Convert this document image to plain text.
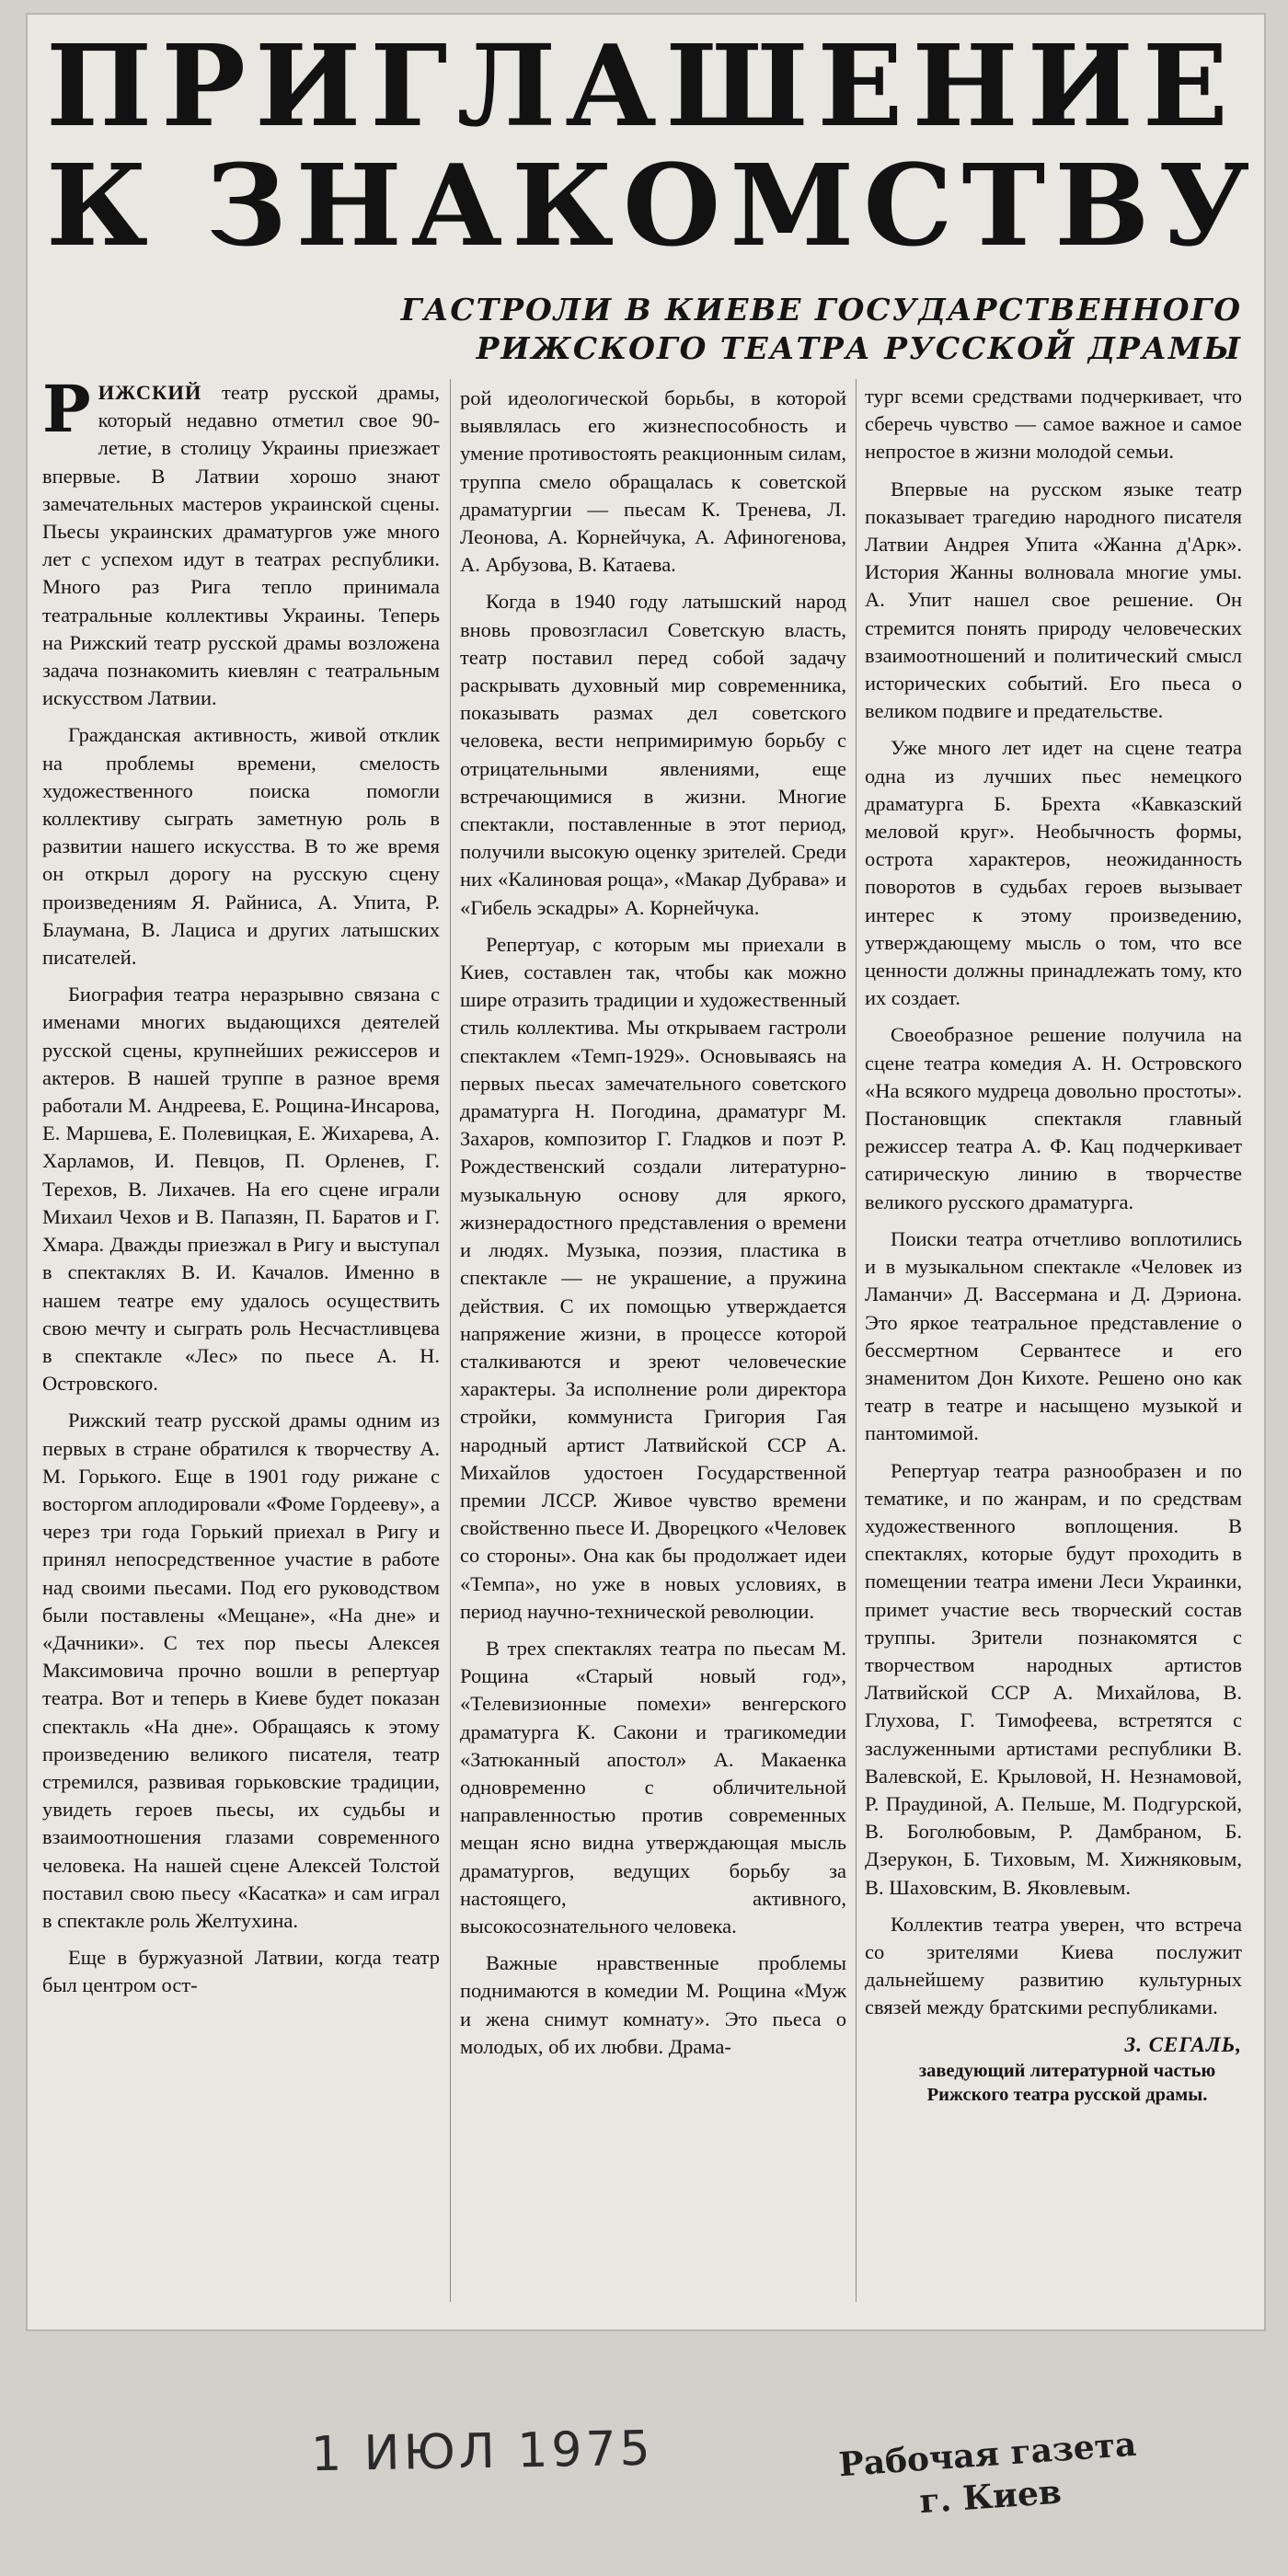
ПРИГЛАШЕНИЕ
К ЗНАКОМСТВУ
ГАСТРОЛИ В КИЕВЕ ГОСУДАРСТВЕННОГО
РИЖСКОГО ТЕАТРА РУССКОЙ ДРАМЫ

РИЖСКИЙ театр русской драмы, который недавно отметил свое 90-летие, в столицу Украины приезжает впервые. В Латвии хорошо знают замечательных мастеров украинской сцены. Пьесы украинских драматургов уже много лет с успехом идут в театрах республики. Много раз Рига тепло принимала театральные коллективы Украины. Теперь на Рижский театр русской драмы возложена задача познакомить киевлян с театральным искусством Латвии.

Гражданская активность, живой отклик на проблемы времени, смелость художественного поиска помогли коллективу сыграть заметную роль в развитии нашего искусства. В то же время он открыл дорогу на русскую сцену произведениям Я. Райниса, А. Упита, Р. Блаумана, В. Лациса и других латышских писателей.

Биография театра неразрывно связана с именами многих выдающихся деятелей русской сцены, крупнейших режиссеров и актеров. В нашей труппе в разное время работали М. Андреева, Е. Рощина-Инсарова, Е. Маршева, Е. Полевицкая, Е. Жихарева, А. Харламов, И. Певцов, П. Орленев, Г. Терехов, В. Лихачев. На его сцене играли Михаил Чехов и В. Папазян, П. Баратов и Г. Хмара. Дважды приезжал в Ригу и выступал в спектаклях В. И. Качалов. Именно в нашем театре ему удалось осуществить свою мечту и сыграть роль Несчастливцева в спектакле «Лес» по пьесе А. Н. Островского.

Рижский театр русской драмы одним из первых в стране обратился к творчеству А. М. Горького. Еще в 1901 году рижане с восторгом аплодировали «Фоме Гордееву», а через три года Горький приехал в Ригу и принял непосредственное участие в работе над своими пьесами. Под его руководством были поставлены «Мещане», «На дне» и «Дачники». С тех пор пьесы Алексея Максимовича прочно вошли в репертуар театра. Вот и теперь в Киеве будет показан спектакль «На дне». Обращаясь к этому произведению великого писателя, театр стремился, развивая горьковские традиции, увидеть героев пьесы, их судьбы и взаимоотношения глазами современного человека. На нашей сцене Алексей Толстой поставил свою пьесу «Касатка» и сам играл в спектакле роль Желтухина.

Еще в буржуазной Латвии, когда театр был центром ост-

рой идеологической борьбы, в которой выявлялась его жизнеспособность и умение противостоять реакционным силам, труппа смело обращалась к советской драматургии — пьесам К. Тренева, Л. Леонова, А. Корнейчука, А. Афиногенова, А. Арбузова, В. Катаева.

Когда в 1940 году латышский народ вновь провозгласил Советскую власть, театр поставил перед собой задачу раскрывать духовный мир современника, показывать размах дел советского человека, вести непримиримую борьбу с отрицательными явлениями, еще встречающимися в жизни. Многие спектакли, поставленные в этот период, получили высокую оценку зрителей. Среди них «Калиновая роща», «Макар Дубрава» и «Гибель эскадры» А. Корнейчука.

Репертуар, с которым мы приехали в Киев, составлен так, чтобы как можно шире отразить традиции и художественный стиль коллектива. Мы открываем гастроли спектаклем «Темп-1929». Основываясь на первых пьесах замечательного советского драматурга Н. Погодина, драматург М. Захаров, композитор Г. Гладков и поэт Р. Рождественский создали литературно-музыкальную основу для яркого, жизнерадостного представления о времени и людях. Музыка, поэзия, пластика в спектакле — не украшение, а пружина действия. С их помощью утверждается напряжение жизни, в процессе которой сталкиваются и зреют человеческие характеры. За исполнение роли директора стройки, коммуниста Григория Гая народный артист Латвийской ССР А. Михайлов удостоен Государственной премии ЛССР. Живое чувство времени свойственно пьесе И. Дворецкого «Человек со стороны». Она как бы продолжает идеи «Темпа», но уже в новых условиях, в период научно-технической революции.

В трех спектаклях театра по пьесам М. Рощина «Старый новый год», «Телевизионные помехи» венгерского драматурга К. Сакони и трагикомедии «Затюканный апостол» А. Макаенка одновременно с обличительной направленностью против современных мещан ясно видна утверждающая мысль драматургов, ведущих борьбу за настоящего, активного, высокосознательного человека.

Важные нравственные проблемы поднимаются в комедии М. Рощина «Муж и жена снимут комнату». Это пьеса о молодых, об их любви. Драма-

тург всеми средствами подчеркивает, что сберечь чувство — самое важное и самое непростое в жизни молодой семьи.

Впервые на русском языке театр показывает трагедию народного писателя Латвии Андрея Упита «Жанна д'Арк». История Жанны волновала многие умы. А. Упит нашел свое решение. Он стремится понять природу человеческих взаимоотношений и политический смысл исторических событий. Его пьеса о великом подвиге и предательстве.

Уже много лет идет на сцене театра одна из лучших пьес немецкого драматурга Б. Брехта «Кавказский меловой круг». Необычность формы, острота характеров, неожиданность поворотов в судьбах героев вызывает интерес к этому произведению, утверждающему мысль о том, что все ценности должны принадлежать тому, кто их создает.

Своеобразное решение получила на сцене театра комедия А. Н. Островского «На всякого мудреца довольно простоты». Постановщик спектакля главный режиссер театра А. Ф. Кац подчеркивает сатирическую линию в творчестве великого русского драматурга.

Поиски театра отчетливо воплотились и в музыкальном спектакле «Человек из Ламанчи» Д. Вассермана и Д. Дэриона. Это яркое театральное представление о бессмертном Сервантесе и его знаменитом Дон Кихоте. Решено оно как театр в театре и насыщено музыкой и пантомимой.

Репертуар театра разнообразен и по тематике, и по жанрам, и по средствам художественного воплощения. В спектаклях, которые будут проходить в помещении театра имени Леси Украинки, примет участие весь творческий состав труппы. Зрители познакомятся с творчеством народных артистов Латвийской ССР А. Михайлова, В. Глухова, Г. Тимофеева, встретятся с заслуженными артистами республики В. Валевской, Е. Крыловой, Н. Незнамовой, Р. Праудиной, А. Пельше, М. Подгурской, В. Боголюбовым, Р. Дамбраном, Б. Дзерукон, Б. Тиховым, М. Хижняковым, В. Шаховским, В. Яковлевым.

Коллектив театра уверен, что встреча со зрителями Киева послужит дальнейшему развитию культурных связей между братскими республиками.

З. СЕГАЛЬ,
заведующий литературной частью Рижского театра русской драмы.
1 ИЮЛ 1975	Рабочая газета
г. Киев
